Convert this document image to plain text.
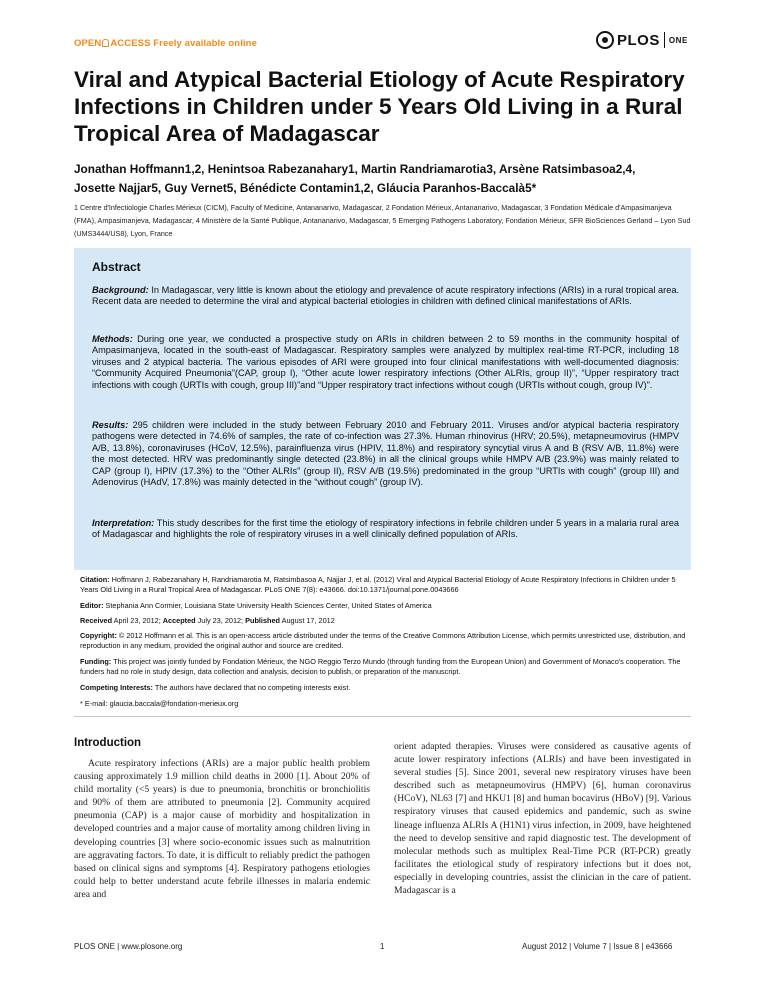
OPEN ACCESS Freely available online	PLOS ONE
Viral and Atypical Bacterial Etiology of Acute Respiratory Infections in Children under 5 Years Old Living in a Rural Tropical Area of Madagascar
Jonathan Hoffmann1,2, Henintsoa Rabezanahary1, Martin Randriamarotia3, Arsène Ratsimbasoa2,4,
Josette Najjar5, Guy Vernet5, Bénédicte Contamin1,2, Gláucia Paranhos-Baccalà5*
1 Centre d'Infectiologie Charles Mérieux (CICM), Faculty of Medicine, Antananarivo, Madagascar, 2 Fondation Mérieux, Antananarivo, Madagascar, 3 Fondation Médicale d'Ampasimanjeva (FMA), Ampasimanjeva, Madagascar, 4 Ministère de la Santé Publique, Antananarivo, Madagascar, 5 Emerging Pathogens Laboratory, Fondation Mérieux, SFR BioSciences Gerland – Lyon Sud (UMS3444/US8), Lyon, France
Abstract

Background: In Madagascar, very little is known about the etiology and prevalence of acute respiratory infections (ARIs) in a rural tropical area. Recent data are needed to determine the viral and atypical bacterial etiologies in children with defined clinical manifestations of ARIs.

Methods: During one year, we conducted a prospective study on ARIs in children between 2 to 59 months in the community hospital of Ampasimanjeva, located in the south-east of Madagascar. Respiratory samples were analyzed by multiplex real-time RT-PCR, including 18 viruses and 2 atypical bacteria. The various episodes of ARI were grouped into four clinical manifestations with well-documented diagnosis: “Community Acquired Pneumonia”(CAP, group I), “Other acute lower respiratory infections (Other ALRIs, group II)”, “Upper respiratory tract infections with cough (URTIs with cough, group III)”and “Upper respiratory tract infections without cough (URTIs without cough, group IV)”.

Results: 295 children were included in the study between February 2010 and February 2011. Viruses and/or atypical bacteria respiratory pathogens were detected in 74.6% of samples, the rate of co-infection was 27.3%. Human rhinovirus (HRV; 20.5%), metapneumovirus (HMPV A/B, 13.8%), coronaviruses (HCoV, 12.5%), parainfluenza virus (HPIV, 11.8%) and respiratory syncytial virus A and B (RSV A/B, 11.8%) were the most detected. HRV was predominantly single detected (23.8%) in all the clinical groups while HMPV A/B (23.9%) was mainly related to CAP (group I), HPIV (17.3%) to the “Other ALRIs” (group II), RSV A/B (19.5%) predominated in the group “URTIs with cough” (group III) and Adenovirus (HAdV, 17.8%) was mainly detected in the “without cough” (group IV).

Interpretation: This study describes for the first time the etiology of respiratory infections in febrile children under 5 years in a malaria rural area of Madagascar and highlights the role of respiratory viruses in a well clinically defined population of ARIs.

Citation: Hoffmann J, Rabezanahary H, Randriamarotia M, Ratsimbasoa A, Najjar J, et al. (2012) Viral and Atypical Bacterial Etiology of Acute Respiratory Infections in Children under 5 Years Old Living in a Rural Tropical Area of Madagascar. PLoS ONE 7(8): e43666. doi:10.1371/journal.pone.0043666

Editor: Stephania Ann Cormier, Louisiana State University Health Sciences Center, United States of America

Received April 23, 2012; Accepted July 23, 2012; Published August 17, 2012

Copyright: © 2012 Hoffmann et al. This is an open-access article distributed under the terms of the Creative Commons Attribution License, which permits unrestricted use, distribution, and reproduction in any medium, provided the original author and source are credited.

Funding: This project was jointly funded by Fondation Mérieux, the NGO Reggio Terzo Mundo (through funding from the European Union) and Government of Monaco's cooperation. The funders had no role in study design, data collection and analysis, decision to publish, or preparation of the manuscript.

Competing Interests: The authors have declared that no competing interests exist.

* E-mail: glaucia.baccala@fondation-merieux.org

Introduction

Acute respiratory infections (ARIs) are a major public health problem causing approximately 1.9 million child deaths in 2000 [1]. About 20% of child mortality (<5 years) is due to pneumonia, bronchitis or bronchiolitis and 90% of them are attributed to pneumonia [2]. Community acquired pneumonia (CAP) is a major cause of morbidity and hospitalization in developed countries and a major cause of mortality among children living in developing countries [3] where socio-economic issues such as malnutrition are aggravating factors. To date, it is difficult to reliably predict the pathogen based on clinical signs and symptoms [4]. Respiratory pathogens etiologies could help to better understand acute febrile illnesses in malaria endemic area and

orient adapted therapies. Viruses were considered as causative agents of acute lower respiratory infections (ALRIs) and have been investigated in several studies [5]. Since 2001, several new respiratory viruses have been described such as metapneumovirus (HMPV) [6], human coronavirus (HCoV), NL63 [7] and HKU1 [8] and human bocavirus (HBoV) [9]. Various respiratory viruses that caused epidemics and pandemic, such as swine lineage influenza ALRIs A (H1N1) virus infection, in 2009, have heightened the need to develop sensitive and rapid diagnostic test. The development of molecular methods such as multiplex Real-Time PCR (RT-PCR) greatly facilitates the etiological study of respiratory infections but it does not, especially in developing countries, assist the clinician in the care of patient. Madagascar is a

PLOS ONE | www.plosone.org	1	August 2012 | Volume 7 | Issue 8 | e43666
